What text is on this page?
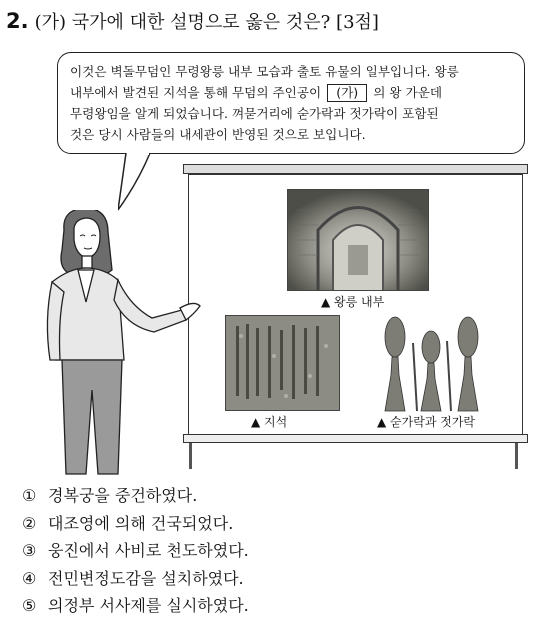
2. (가) 국가에 대한 설명으로 옳은 것은? [3점]

이것은 벽돌무덤인 무령왕릉 내부 모습과 출토 유물의 일부입니다. 왕릉

내부에서 발견된 지석을 통해 무덤의 주인공이 (가) 의 왕 가운데

무령왕임을 알게 되었습니다. 껴묻거리에 숟가락과 젓가락이 포함된

것은 당시 사람들의 내세관이 반영된 것으로 보입니다.

▲ 왕릉 내부
▲ 지석	▲ 숟가락과 젓가락
① 경복궁을 중건하였다.
② 대조영에 의해 건국되었다.
③ 웅진에서 사비로 천도하였다.
④ 전민변정도감을 설치하였다.
⑤ 의정부 서사제를 실시하였다.
